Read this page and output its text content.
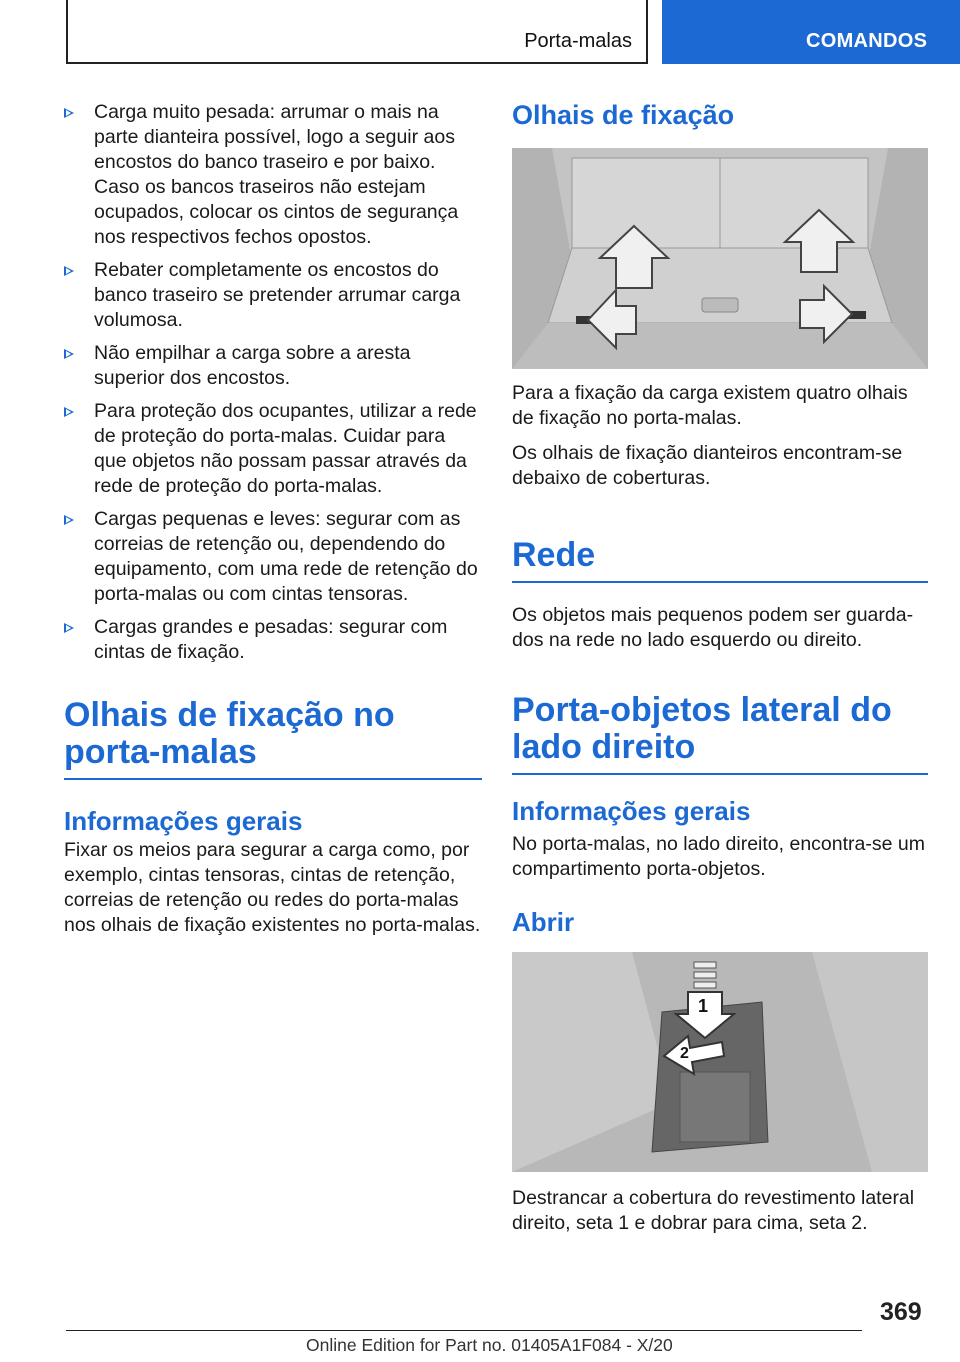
Porta-malas	COMANDOS
Carga muito pesada: arrumar o mais na parte dianteira possível, logo a seguir aos encostos do banco traseiro e por baixo. Caso os bancos traseiros não estejam ocupados, colocar os cintos de segurança nos respectivos fechos opostos.
Rebater completamente os encostos do banco traseiro se pretender arrumar carga volumosa.
Não empilhar a carga sobre a aresta superior dos encostos.
Para proteção dos ocupantes, utilizar a rede de proteção do porta-malas. Cuidar para que objetos não possam passar através da rede de proteção do porta-malas.
Cargas pequenas e leves: segurar com as correias de retenção ou, dependendo do equipamento, com uma rede de retenção do porta-malas ou com cintas tensoras.
Cargas grandes e pesadas: segurar com cintas de fixação.
Olhais de fixação no porta-malas
Informações gerais

Fixar os meios para segurar a carga como, por exemplo, cintas tensoras, cintas de retenção, correias de retenção ou redes do porta-malas nos olhais de fixação existentes no porta-malas.

Olhais de fixação

Para a fixação da carga existem quatro olhais de fixação no porta-malas.

Os olhais de fixação dianteiros encontram-se debaixo de coberturas.

Rede

Os objetos mais pequenos podem ser guardados na rede no lado esquerdo ou direito.

Porta-objetos lateral do lado direito
Informações gerais

No porta-malas, no lado direito, encontra-se um compartimento porta-objetos.

Abrir
1
2

Destrancar a cobertura do revestimento lateral direito, seta 1 e dobrar para cima, seta 2.

369
Online Edition for Part no. 01405A1F084 - X/20
